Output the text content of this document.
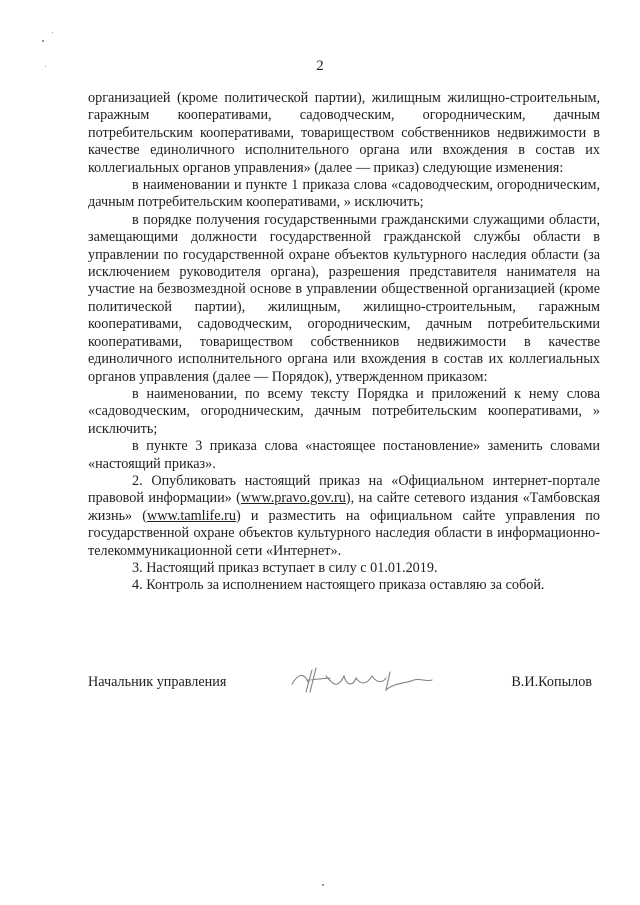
2

организацией (кроме политической партии), жилищным жилищно-строительным, гаражным кооперативами, садоводческим, огородническим, дачным потребительским кооперативами, товариществом собственников недвижимости в качестве единоличного исполнительного органа или вхождения в состав их коллегиальных органов управления» (далее — приказ) следующие изменения:

в наименовании и пункте 1 приказа слова «садоводческим, огородническим, дачным потребительским кооперативами, » исключить;

в порядке получения государственными гражданскими служащими области, замещающими должности государственной гражданской службы области в управлении по государственной охране объектов культурного наследия области (за исключением руководителя органа), разрешения представителя нанимателя на участие на безвозмездной основе в управлении общественной организацией (кроме политической партии), жилищным, жилищно-строительным, гаражным кооперативами, садоводческим, огородническим, дачным потребительскими кооперативами, товариществом собственников недвижимости в качестве единоличного исполнительного органа или вхождения в состав их коллегиальных органов управления (далее — Порядок), утвержденном приказом:

в наименовании, по всему тексту Порядка и приложений к нему слова «садоводческим, огородническим, дачным потребительским кооперативами, » исключить;

в пункте 3 приказа слова «настоящее постановление» заменить словами «настоящий приказ».

2. Опубликовать настоящий приказ на «Официальном интернет-портале правовой информации» (www.pravo.gov.ru), на сайте сетевого издания «Тамбовская жизнь» (www.tamlife.ru) и разместить на официальном сайте управления по государственной охране объектов культурного наследия области в информационно-телекоммуникационной сети «Интернет».

3. Настоящий приказ вступает в силу с 01.01.2019.

4. Контроль за исполнением настоящего приказа оставляю за собой.

Начальник управления	В.И.Копылов
